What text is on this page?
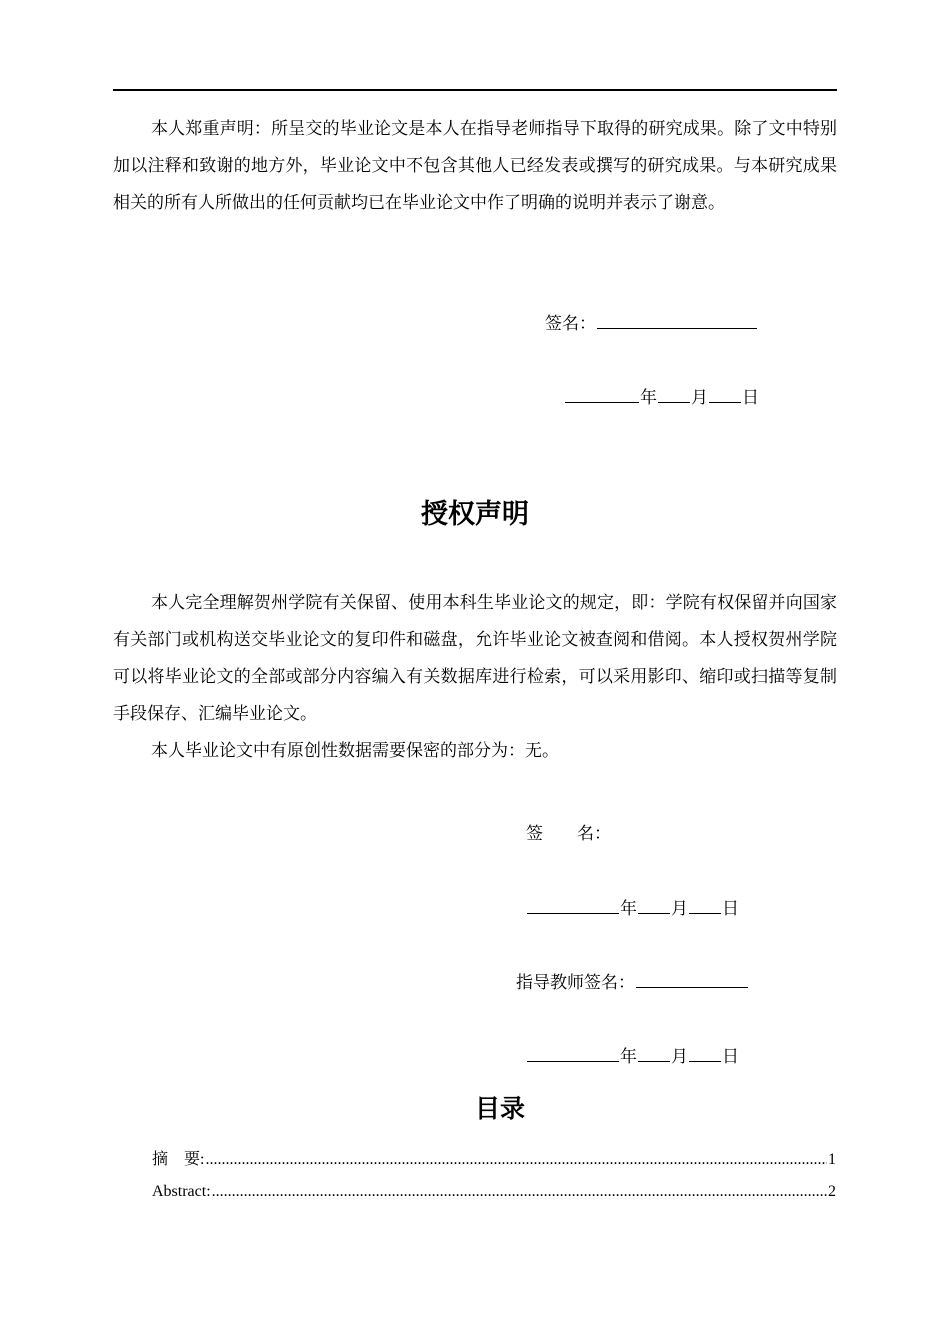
本人郑重声明：所呈交的毕业论文是本人在指导老师指导下取得的研究成果。除了文中特别加以注释和致谢的地方外，毕业论文中不包含其他人已经发表或撰写的研究成果。与本研究成果相关的所有人所做出的任何贡献均已在毕业论文中作了明确的说明并表示了谢意。
签名：
年 月 日
授权声明
本人完全理解贺州学院有关保留、使用本科生毕业论文的规定，即：学院有权保留并向国家有关部门或机构送交毕业论文的复印件和磁盘，允许毕业论文被查阅和借阅。本人授权贺州学院可以将毕业论文的全部或部分内容编入有关数据库进行检索，可以采用影印、缩印或扫描等复制手段保存、汇编毕业论文。
本人毕业论文中有原创性数据需要保密的部分为：无。
签　　名：
年 月 日
指导教师签名：
年 月 日
目录
摘　要: .....	1
Abstract: .....	2
